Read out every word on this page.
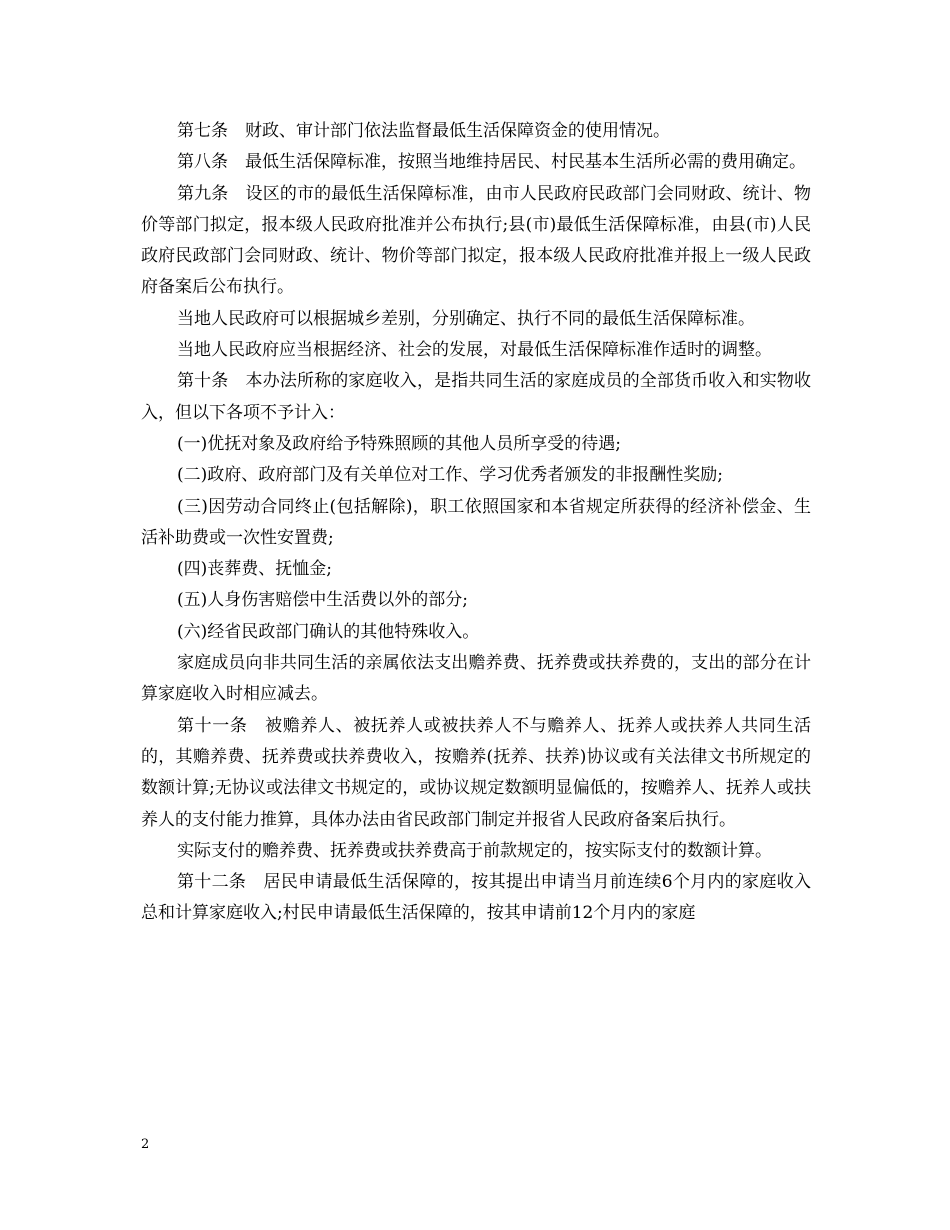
第七条　财政、审计部门依法监督最低生活保障资金的使用情况。

第八条　最低生活保障标准，按照当地维持居民、村民基本生活所必需的费用确定。

第九条　设区的市的最低生活保障标准，由市人民政府民政部门会同财政、统计、物价等部门拟定，报本级人民政府批准并公布执行;县(市)最低生活保障标准，由县(市)人民政府民政部门会同财政、统计、物价等部门拟定，报本级人民政府批准并报上一级人民政府备案后公布执行。

当地人民政府可以根据城乡差别，分别确定、执行不同的最低生活保障标准。

当地人民政府应当根据经济、社会的发展，对最低生活保障标准作适时的调整。

第十条　本办法所称的家庭收入，是指共同生活的家庭成员的全部货币收入和实物收入，但以下各项不予计入：

(一)优抚对象及政府给予特殊照顾的其他人员所享受的待遇;

(二)政府、政府部门及有关单位对工作、学习优秀者颁发的非报酬性奖励;

(三)因劳动合同终止(包括解除)，职工依照国家和本省规定所获得的经济补偿金、生活补助费或一次性安置费;

(四)丧葬费、抚恤金;

(五)人身伤害赔偿中生活费以外的部分;

(六)经省民政部门确认的其他特殊收入。

家庭成员向非共同生活的亲属依法支出赡养费、抚养费或扶养费的，支出的部分在计算家庭收入时相应减去。

第十一条　被赡养人、被抚养人或被扶养人不与赡养人、抚养人或扶养人共同生活的，其赡养费、抚养费或扶养费收入，按赡养(抚养、扶养)协议或有关法律文书所规定的数额计算;无协议或法律文书规定的，或协议规定数额明显偏低的，按赡养人、抚养人或扶养人的支付能力推算，具体办法由省民政部门制定并报省人民政府备案后执行。

实际支付的赡养费、抚养费或扶养费高于前款规定的，按实际支付的数额计算。

第十二条　居民申请最低生活保障的，按其提出申请当月前连续6个月内的家庭收入总和计算家庭收入;村民申请最低生活保障的，按其申请前12个月内的家庭

2
